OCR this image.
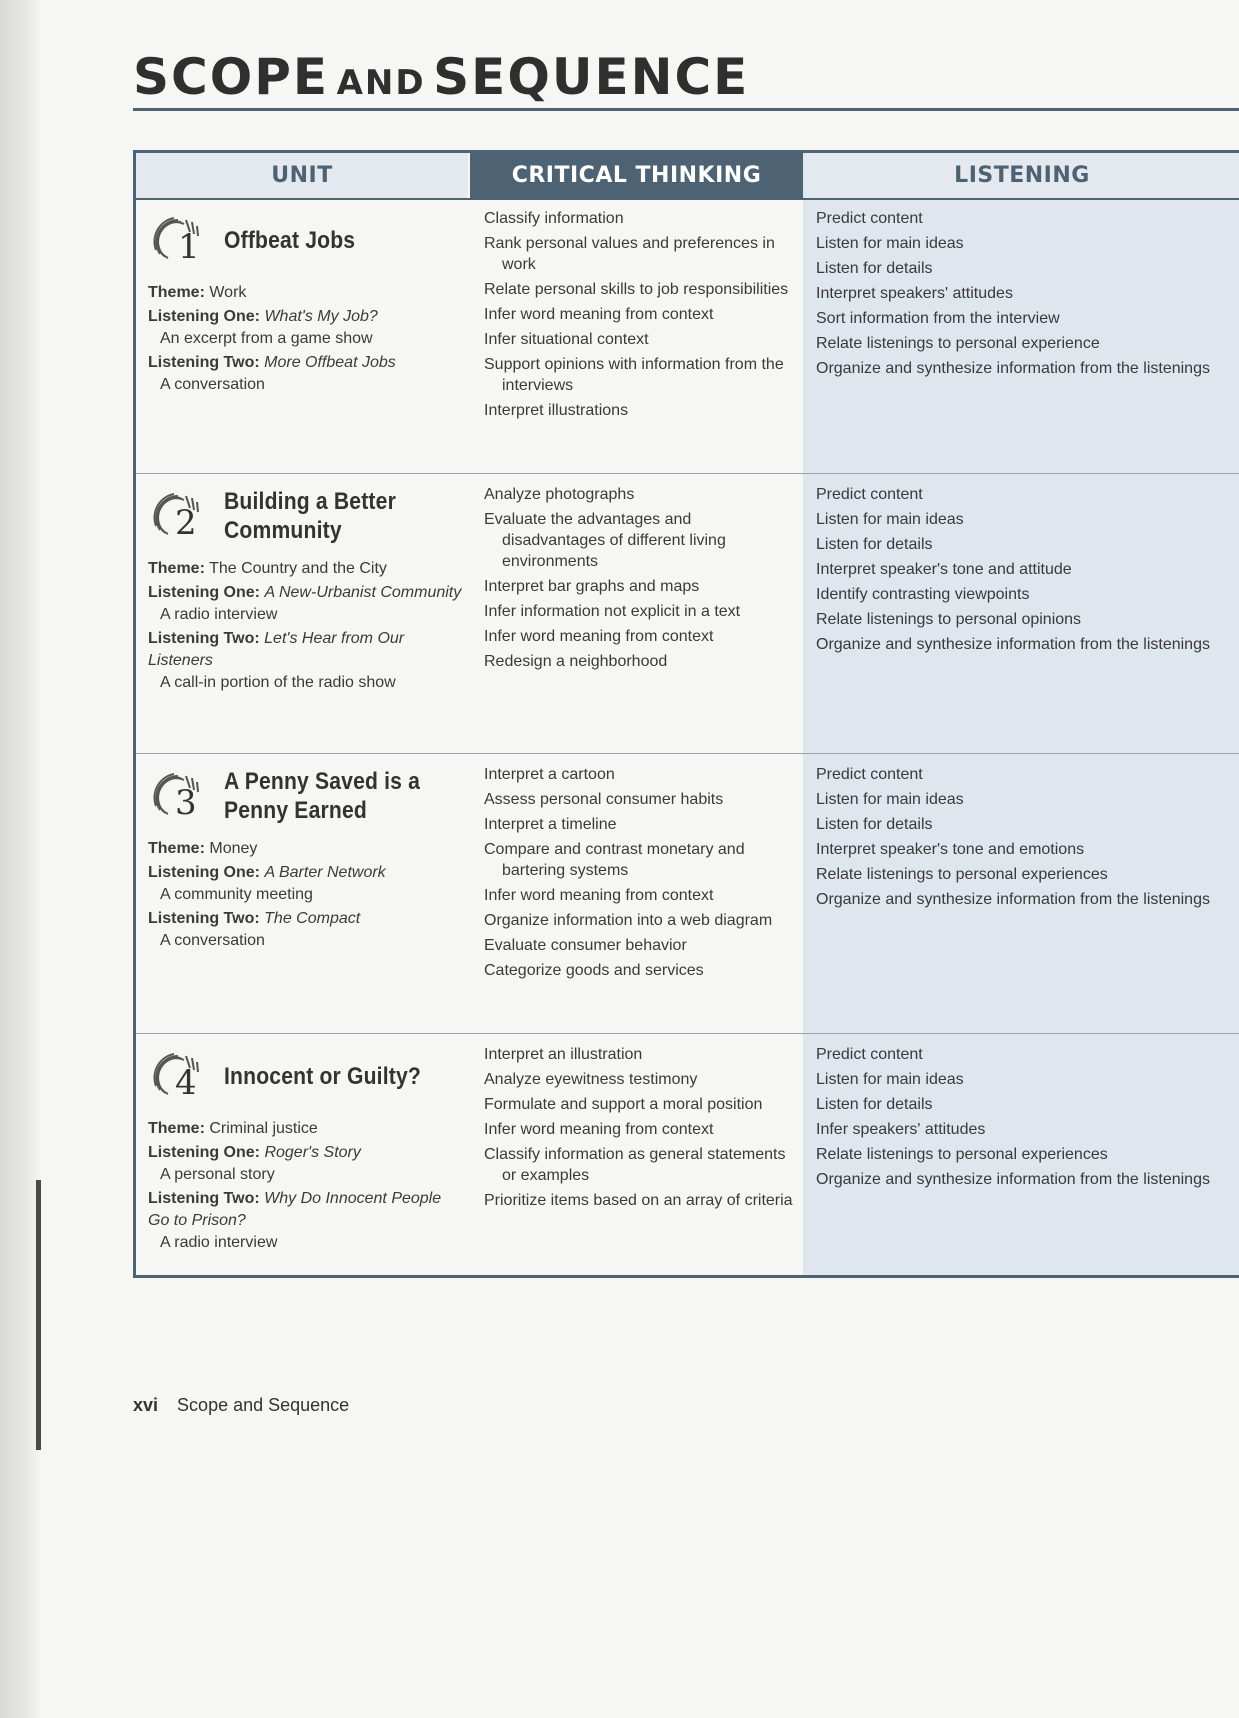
SCOPE AND SEQUENCE
UNIT	CRITICAL THINKING	LISTENING
1 Offbeat Jobs
Theme: Work
Listening One: What's My Job?
An excerpt from a game show
Listening Two: More Offbeat Jobs
A conversation
Classify information
Rank personal values and preferences in work
Relate personal skills to job responsibilities
Infer word meaning from context
Infer situational context
Support opinions with information from the interviews
Interpret illustrations
Predict content
Listen for main ideas
Listen for details
Interpret speakers' attitudes
Sort information from the interview
Relate listenings to personal experience
Organize and synthesize information from the listenings
2
Building a Better
Community
Theme: The Country and the City
Listening One: A New-Urbanist Community
A radio interview
Listening Two: Let's Hear from Our Listeners
A call-in portion of the radio show
Analyze photographs
Evaluate the advantages and disadvantages of different living environments
Interpret bar graphs and maps
Infer information not explicit in a text
Infer word meaning from context
Redesign a neighborhood
Predict content
Listen for main ideas
Listen for details
Interpret speaker's tone and attitude
Identify contrasting viewpoints
Relate listenings to personal opinions
Organize and synthesize information from the listenings
3
A Penny Saved is a
Penny Earned
Theme: Money
Listening One: A Barter Network
A community meeting
Listening Two: The Compact
A conversation
Interpret a cartoon
Assess personal consumer habits
Interpret a timeline
Compare and contrast monetary and bartering systems
Infer word meaning from context
Organize information into a web diagram
Evaluate consumer behavior
Categorize goods and services
Predict content
Listen for main ideas
Listen for details
Interpret speaker's tone and emotions
Relate listenings to personal experiences
Organize and synthesize information from the listenings
4 Innocent or Guilty?
Theme: Criminal justice
Listening One: Roger's Story
A personal story
Listening Two: Why Do Innocent People Go to Prison?
A radio interview
Interpret an illustration
Analyze eyewitness testimony
Formulate and support a moral position
Infer word meaning from context
Classify information as general statements or examples
Prioritize items based on an array of criteria
Predict content
Listen for main ideas
Listen for details
Infer speakers' attitudes
Relate listenings to personal experiences
Organize and synthesize information from the listenings
xvi Scope and Sequence
